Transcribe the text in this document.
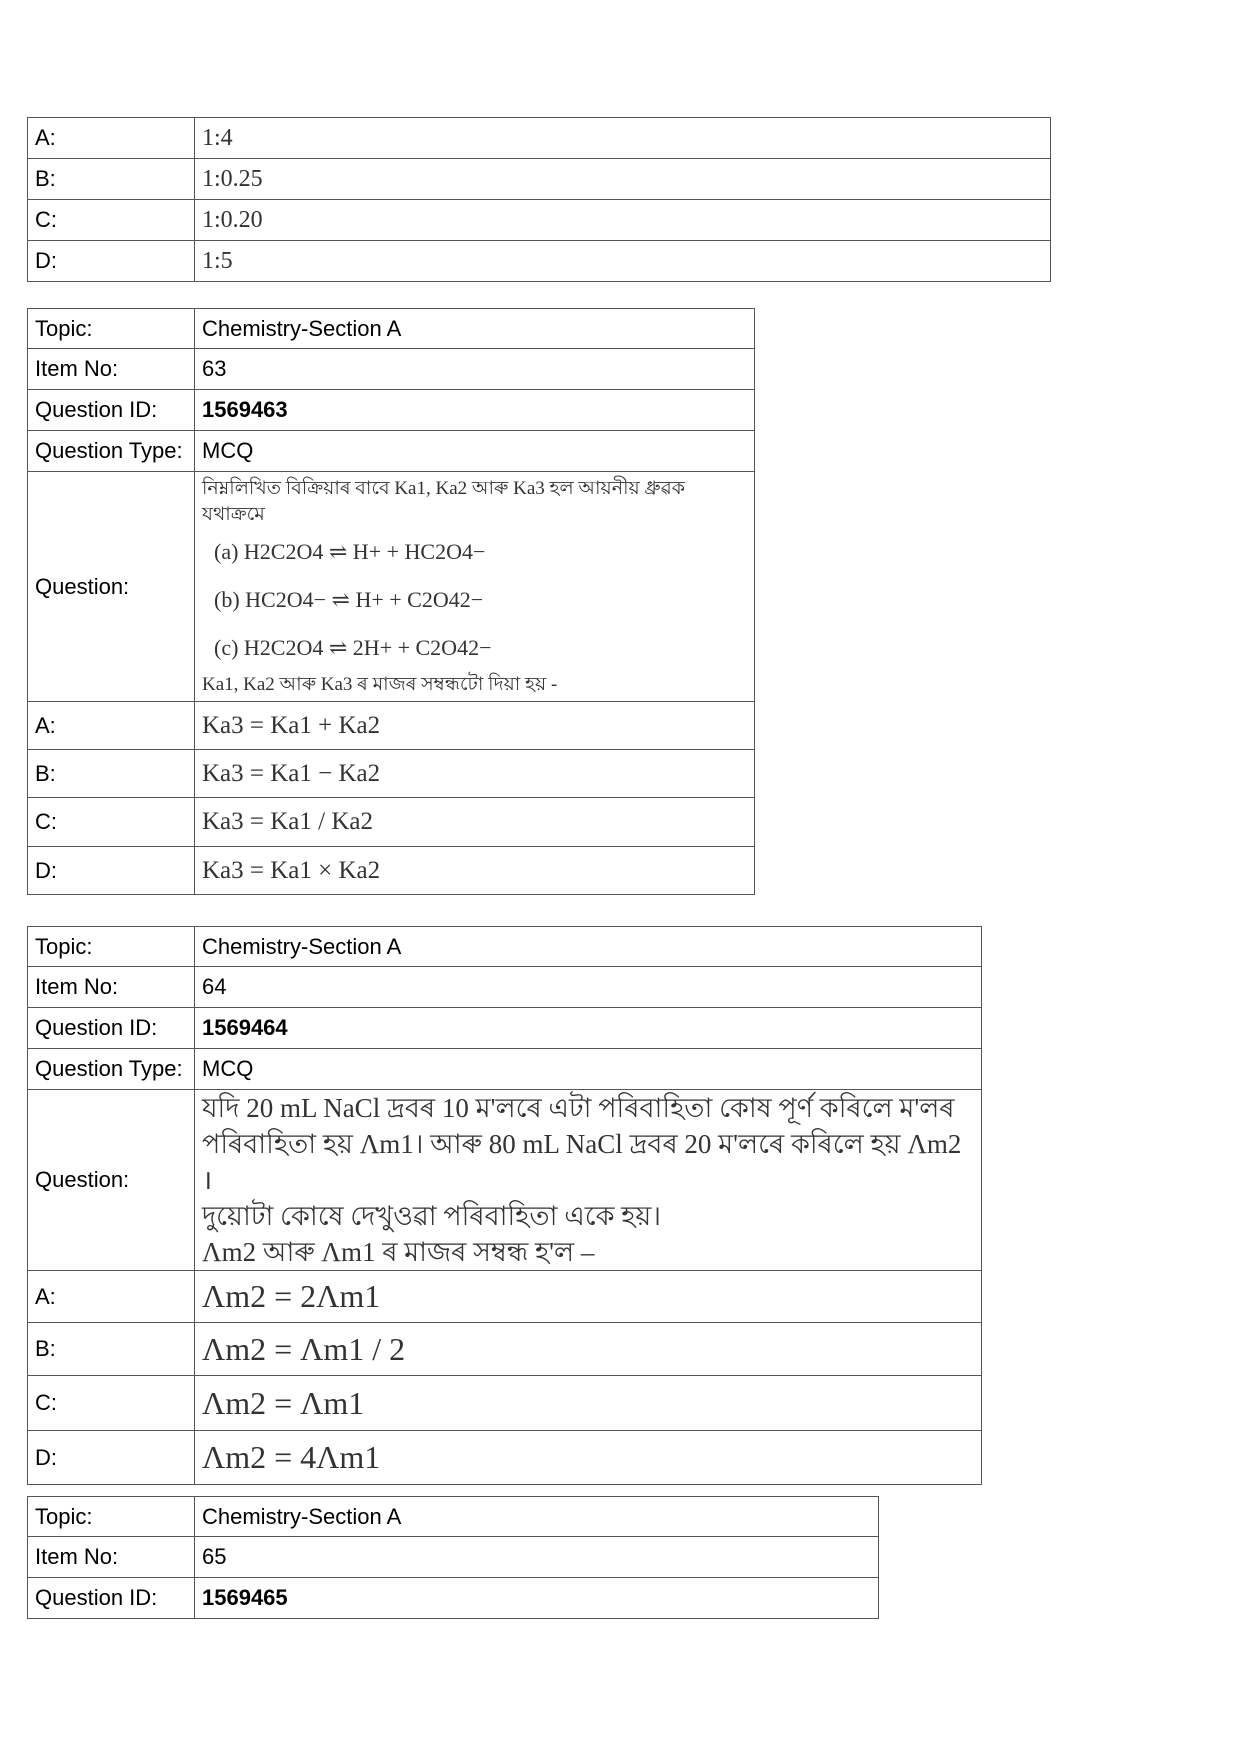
A:	1:4
B:	1:0.25
C:	1:0.20
D:	1:5
Topic:	Chemistry-Section A
Item No:	63
Question ID:	1569463
Question Type:	MCQ
Question:	নিম্নলিখিত বিক্রিয়াৰ বাবে Ka1, Ka2 আৰু Ka3 হল আয়নীয় ধ্রুৱক যথাক্রমে
(a) H2C2O4 ⇌ H+ + HC2O4−
(b) HC2O4− ⇌ H+ + C2O42−
(c) H2C2O4 ⇌ 2H+ + C2O42−
Ka1, Ka2 আৰু Ka3 ৰ মাজৰ সম্বন্ধটো দিয়া হয় -

A:	Ka3 = Ka1 + Ka2
B:	Ka3 = Ka1 − Ka2
C:	Ka3 = Ka1 / Ka2
D:	Ka3 = Ka1 × Ka2
Topic:	Chemistry-Section A
Item No:	64
Question ID:	1569464
Question Type:	MCQ
Question:	যদি 20 mL NaCl দ্ৰবৰ 10 ম'লৰে এটা পৰিবাহিতা কোষ পূৰ্ণ কৰিলে ম'লৰ
পৰিবাহিতা হয় Λm1। আৰু 80 mL NaCl দ্ৰবৰ 20 ম'লৰে কৰিলে হয় Λm2 ।
দুয়োটা কোষে দেখুওৱা পৰিবাহিতা একে হয়।
Λm2 আৰু Λm1 ৰ মাজৰ সম্বন্ধ হ'ল –

A:	Λm2 = 2Λm1
B:	Λm2 = Λm1 / 2
C:	Λm2 = Λm1
D:	Λm2 = 4Λm1
Topic:	Chemistry-Section A
Item No:	65
Question ID:	1569465
